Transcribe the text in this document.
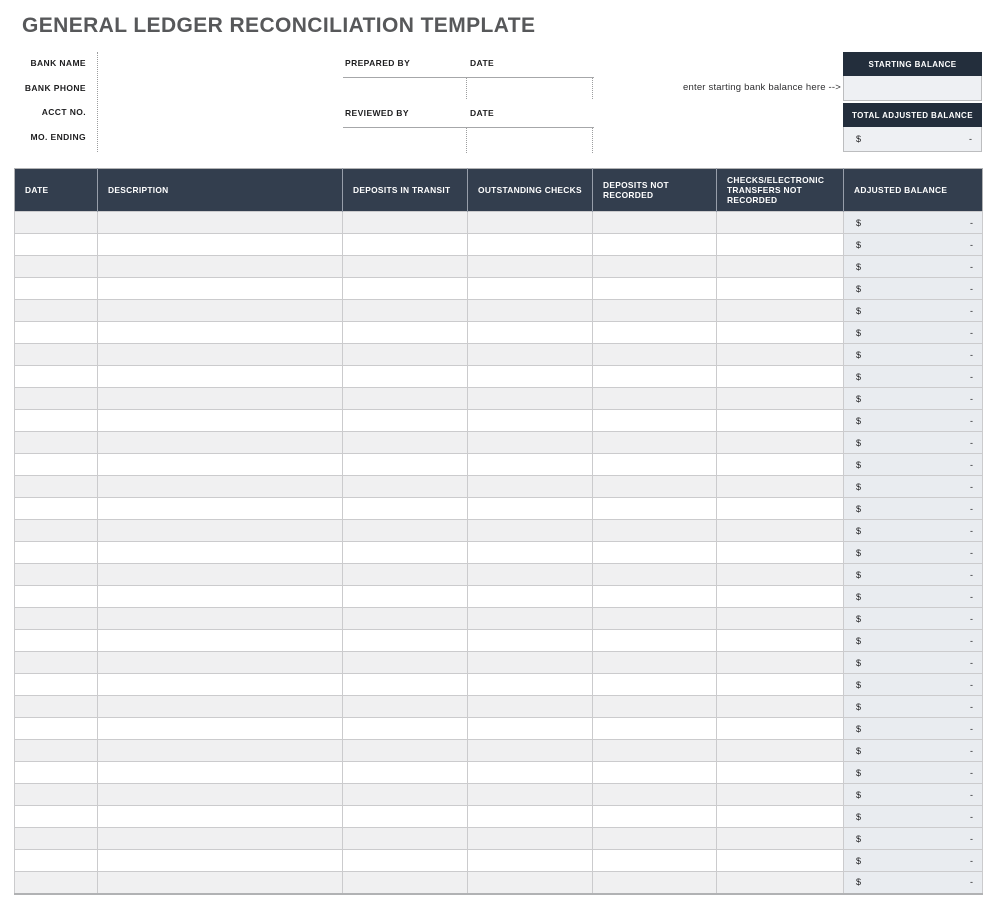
GENERAL LEDGER RECONCILIATION TEMPLATE
BANK NAME
BANK PHONE
ACCT NO.
MO. ENDING
PREPARED BY	DATE
REVIEWED BY	DATE
enter starting bank balance here -->
STARTING BALANCE
TOTAL ADJUSTED BALANCE
$	-
DATE	DESCRIPTION	DEPOSITS IN TRANSIT	OUTSTANDING CHECKS	DEPOSITS NOT RECORDED	CHECKS/ELECTRONIC TRANSFERS NOT RECORDED	ADJUSTED BALANCE

						$ -

						$ -

						$ -

						$ -

						$ -

						$ -

						$ -

						$ -

						$ -

						$ -

						$ -

						$ -

						$ -

						$ -

						$ -

						$ -

						$ -

						$ -

						$ -

						$ -

						$ -

						$ -

						$ -

						$ -

						$ -

						$ -

						$ -

						$ -

						$ -

						$ -

						$ -
